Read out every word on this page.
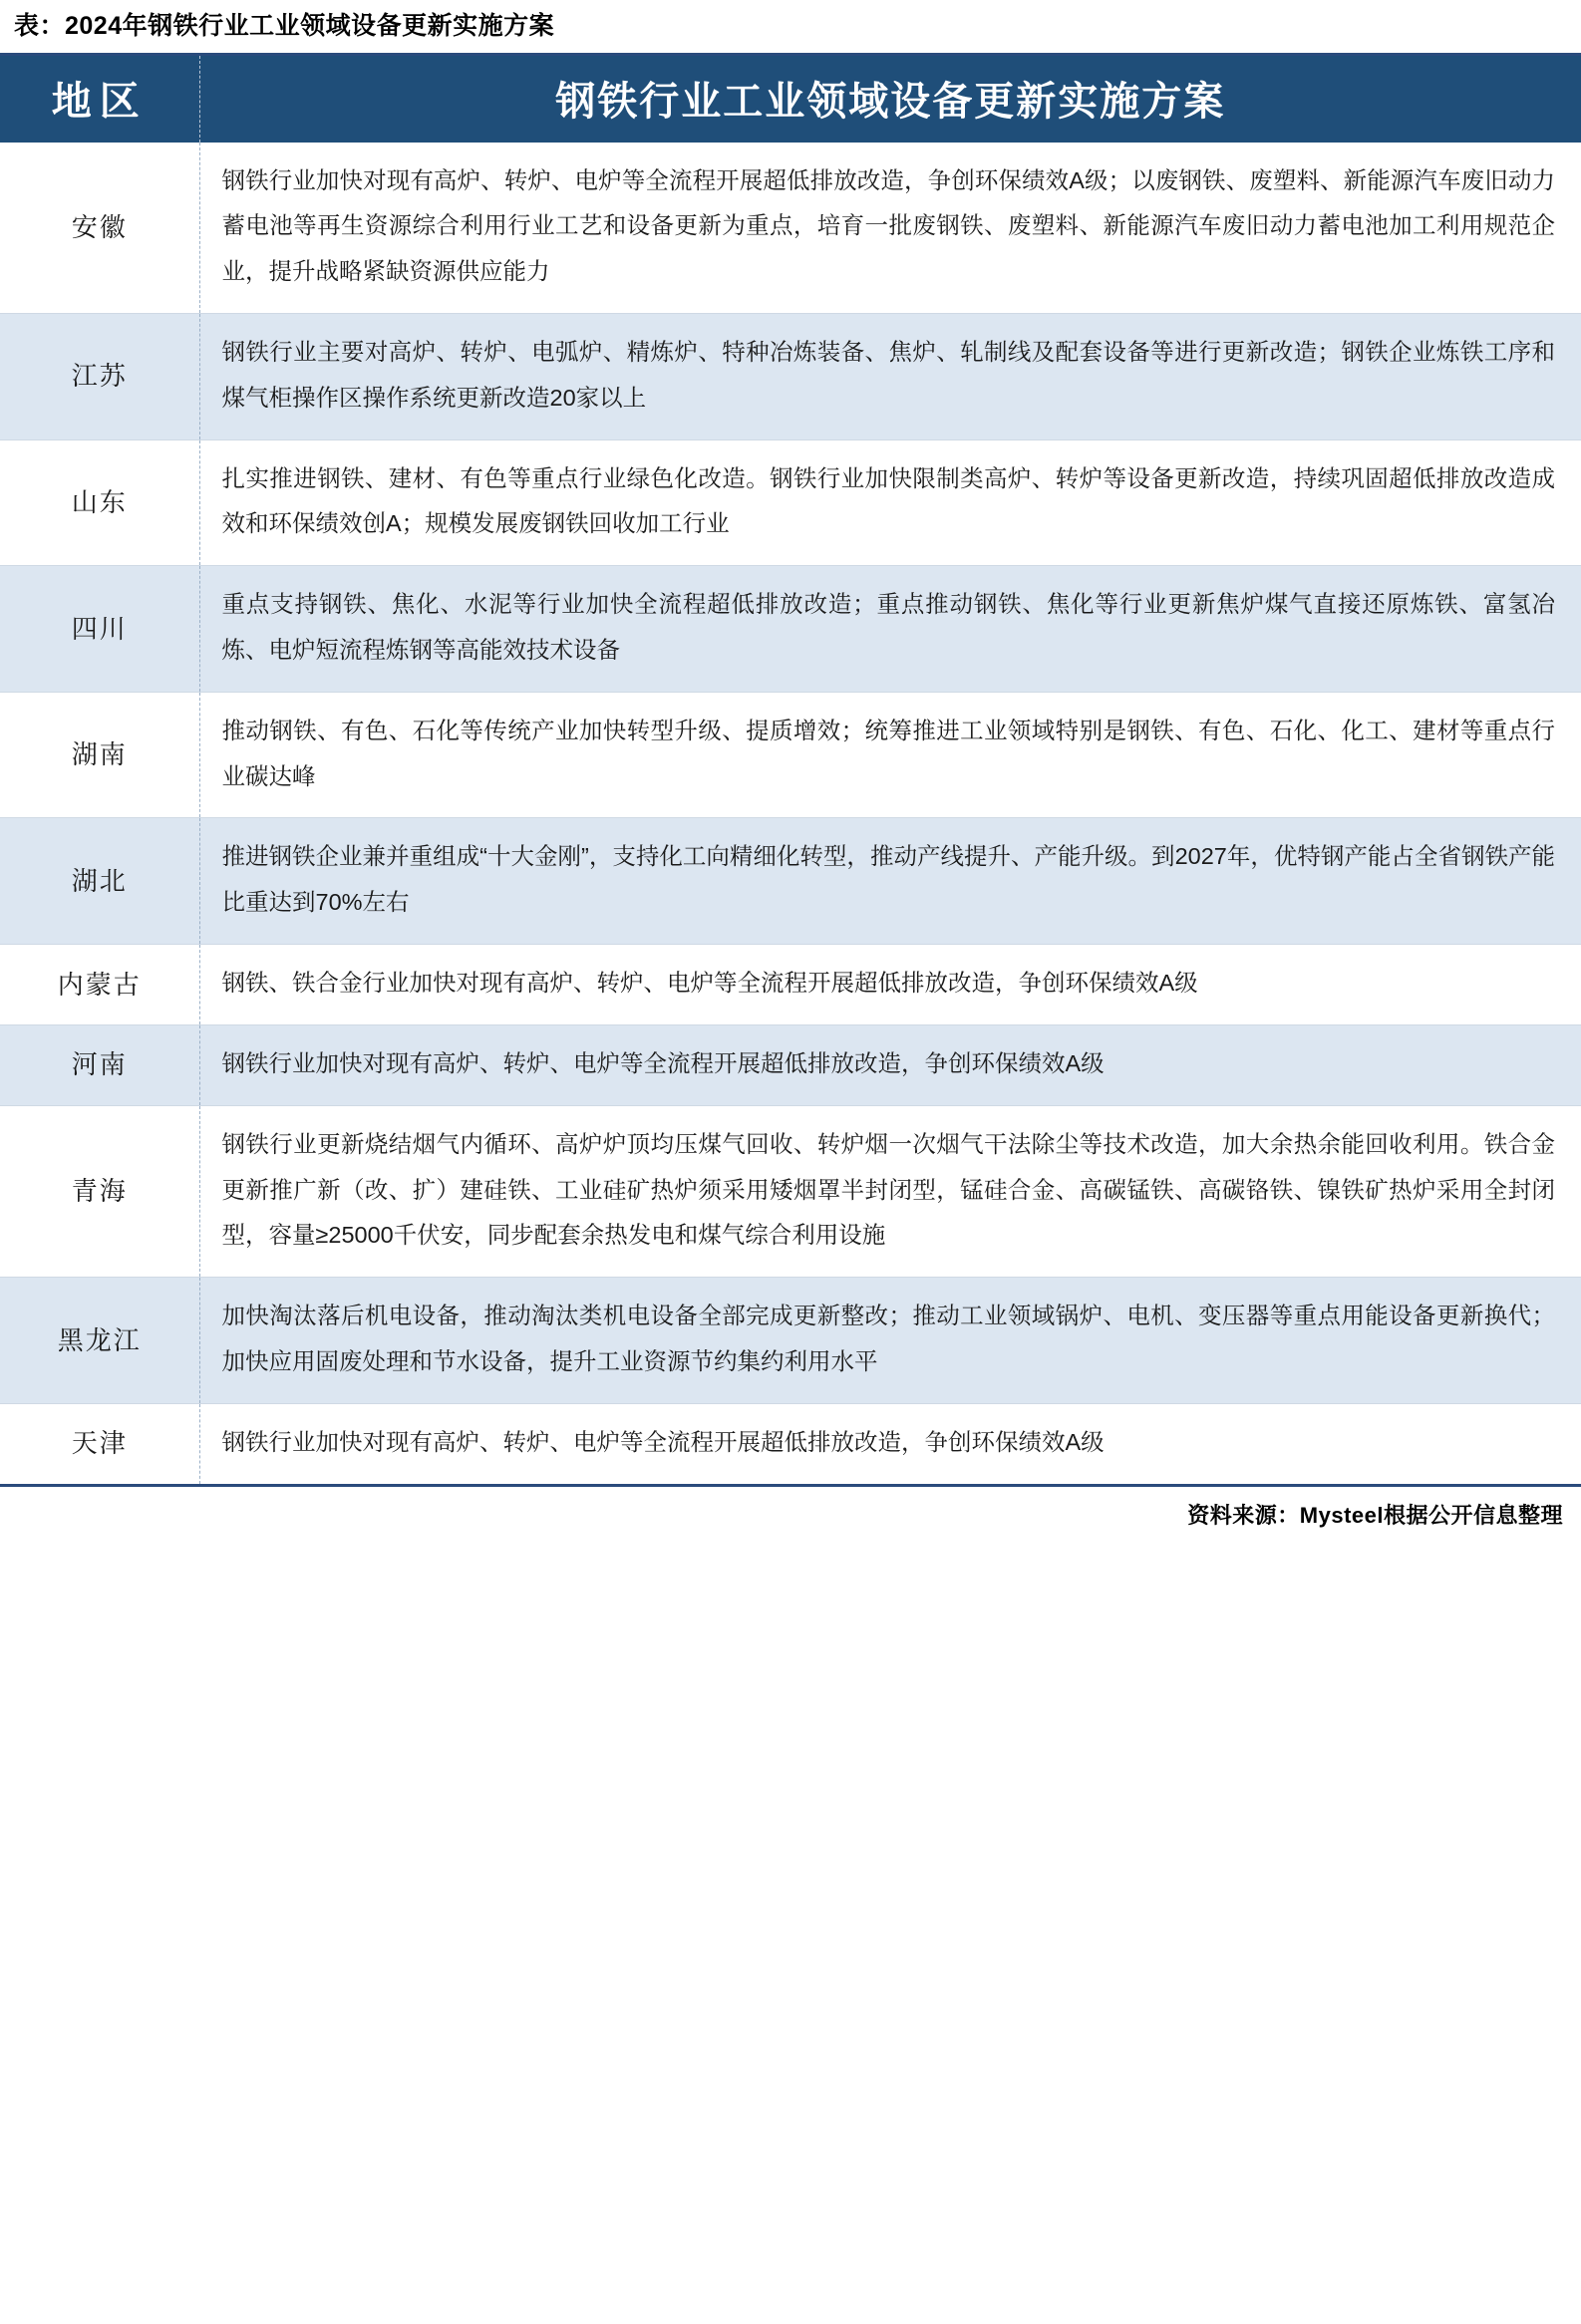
表：2024年钢铁行业工业领域设备更新实施方案
地区	钢铁行业工业领域设备更新实施方案
安徽	钢铁行业加快对现有高炉、转炉、电炉等全流程开展超低排放改造，争创环保绩效A级；以废钢铁、废塑料、新能源汽车废旧动力蓄电池等再生资源综合利用行业工艺和设备更新为重点，培育一批废钢铁、废塑料、新能源汽车废旧动力蓄电池加工利用规范企业，提升战略紧缺资源供应能力
江苏	钢铁行业主要对高炉、转炉、电弧炉、精炼炉、特种冶炼装备、焦炉、轧制线及配套设备等进行更新改造；钢铁企业炼铁工序和煤气柜操作区操作系统更新改造20家以上
山东	扎实推进钢铁、建材、有色等重点行业绿色化改造。钢铁行业加快限制类高炉、转炉等设备更新改造，持续巩固超低排放改造成效和环保绩效创A；规模发展废钢铁回收加工行业
四川	重点支持钢铁、焦化、水泥等行业加快全流程超低排放改造；重点推动钢铁、焦化等行业更新焦炉煤气直接还原炼铁、富氢冶炼、电炉短流程炼钢等高能效技术设备
湖南	推动钢铁、有色、石化等传统产业加快转型升级、提质增效；统筹推进工业领域特别是钢铁、有色、石化、化工、建材等重点行业碳达峰
湖北	推进钢铁企业兼并重组成“十大金刚”，支持化工向精细化转型，推动产线提升、产能升级。到2027年，优特钢产能占全省钢铁产能比重达到70%左右
内蒙古	钢铁、铁合金行业加快对现有高炉、转炉、电炉等全流程开展超低排放改造，争创环保绩效A级
河南	钢铁行业加快对现有高炉、转炉、电炉等全流程开展超低排放改造，争创环保绩效A级
青海	钢铁行业更新烧结烟气内循环、高炉炉顶均压煤气回收、转炉烟一次烟气干法除尘等技术改造，加大余热余能回收利用。铁合金更新推广新（改、扩）建硅铁、工业硅矿热炉须采用矮烟罩半封闭型，锰硅合金、高碳锰铁、高碳铬铁、镍铁矿热炉采用全封闭型，容量≥25000千伏安，同步配套余热发电和煤气综合利用设施
黑龙江	加快淘汰落后机电设备，推动淘汰类机电设备全部完成更新整改；推动工业领域锅炉、电机、变压器等重点用能设备更新换代；加快应用固废处理和节水设备，提升工业资源节约集约利用水平
天津	钢铁行业加快对现有高炉、转炉、电炉等全流程开展超低排放改造，争创环保绩效A级
资料来源：Mysteel根据公开信息整理
